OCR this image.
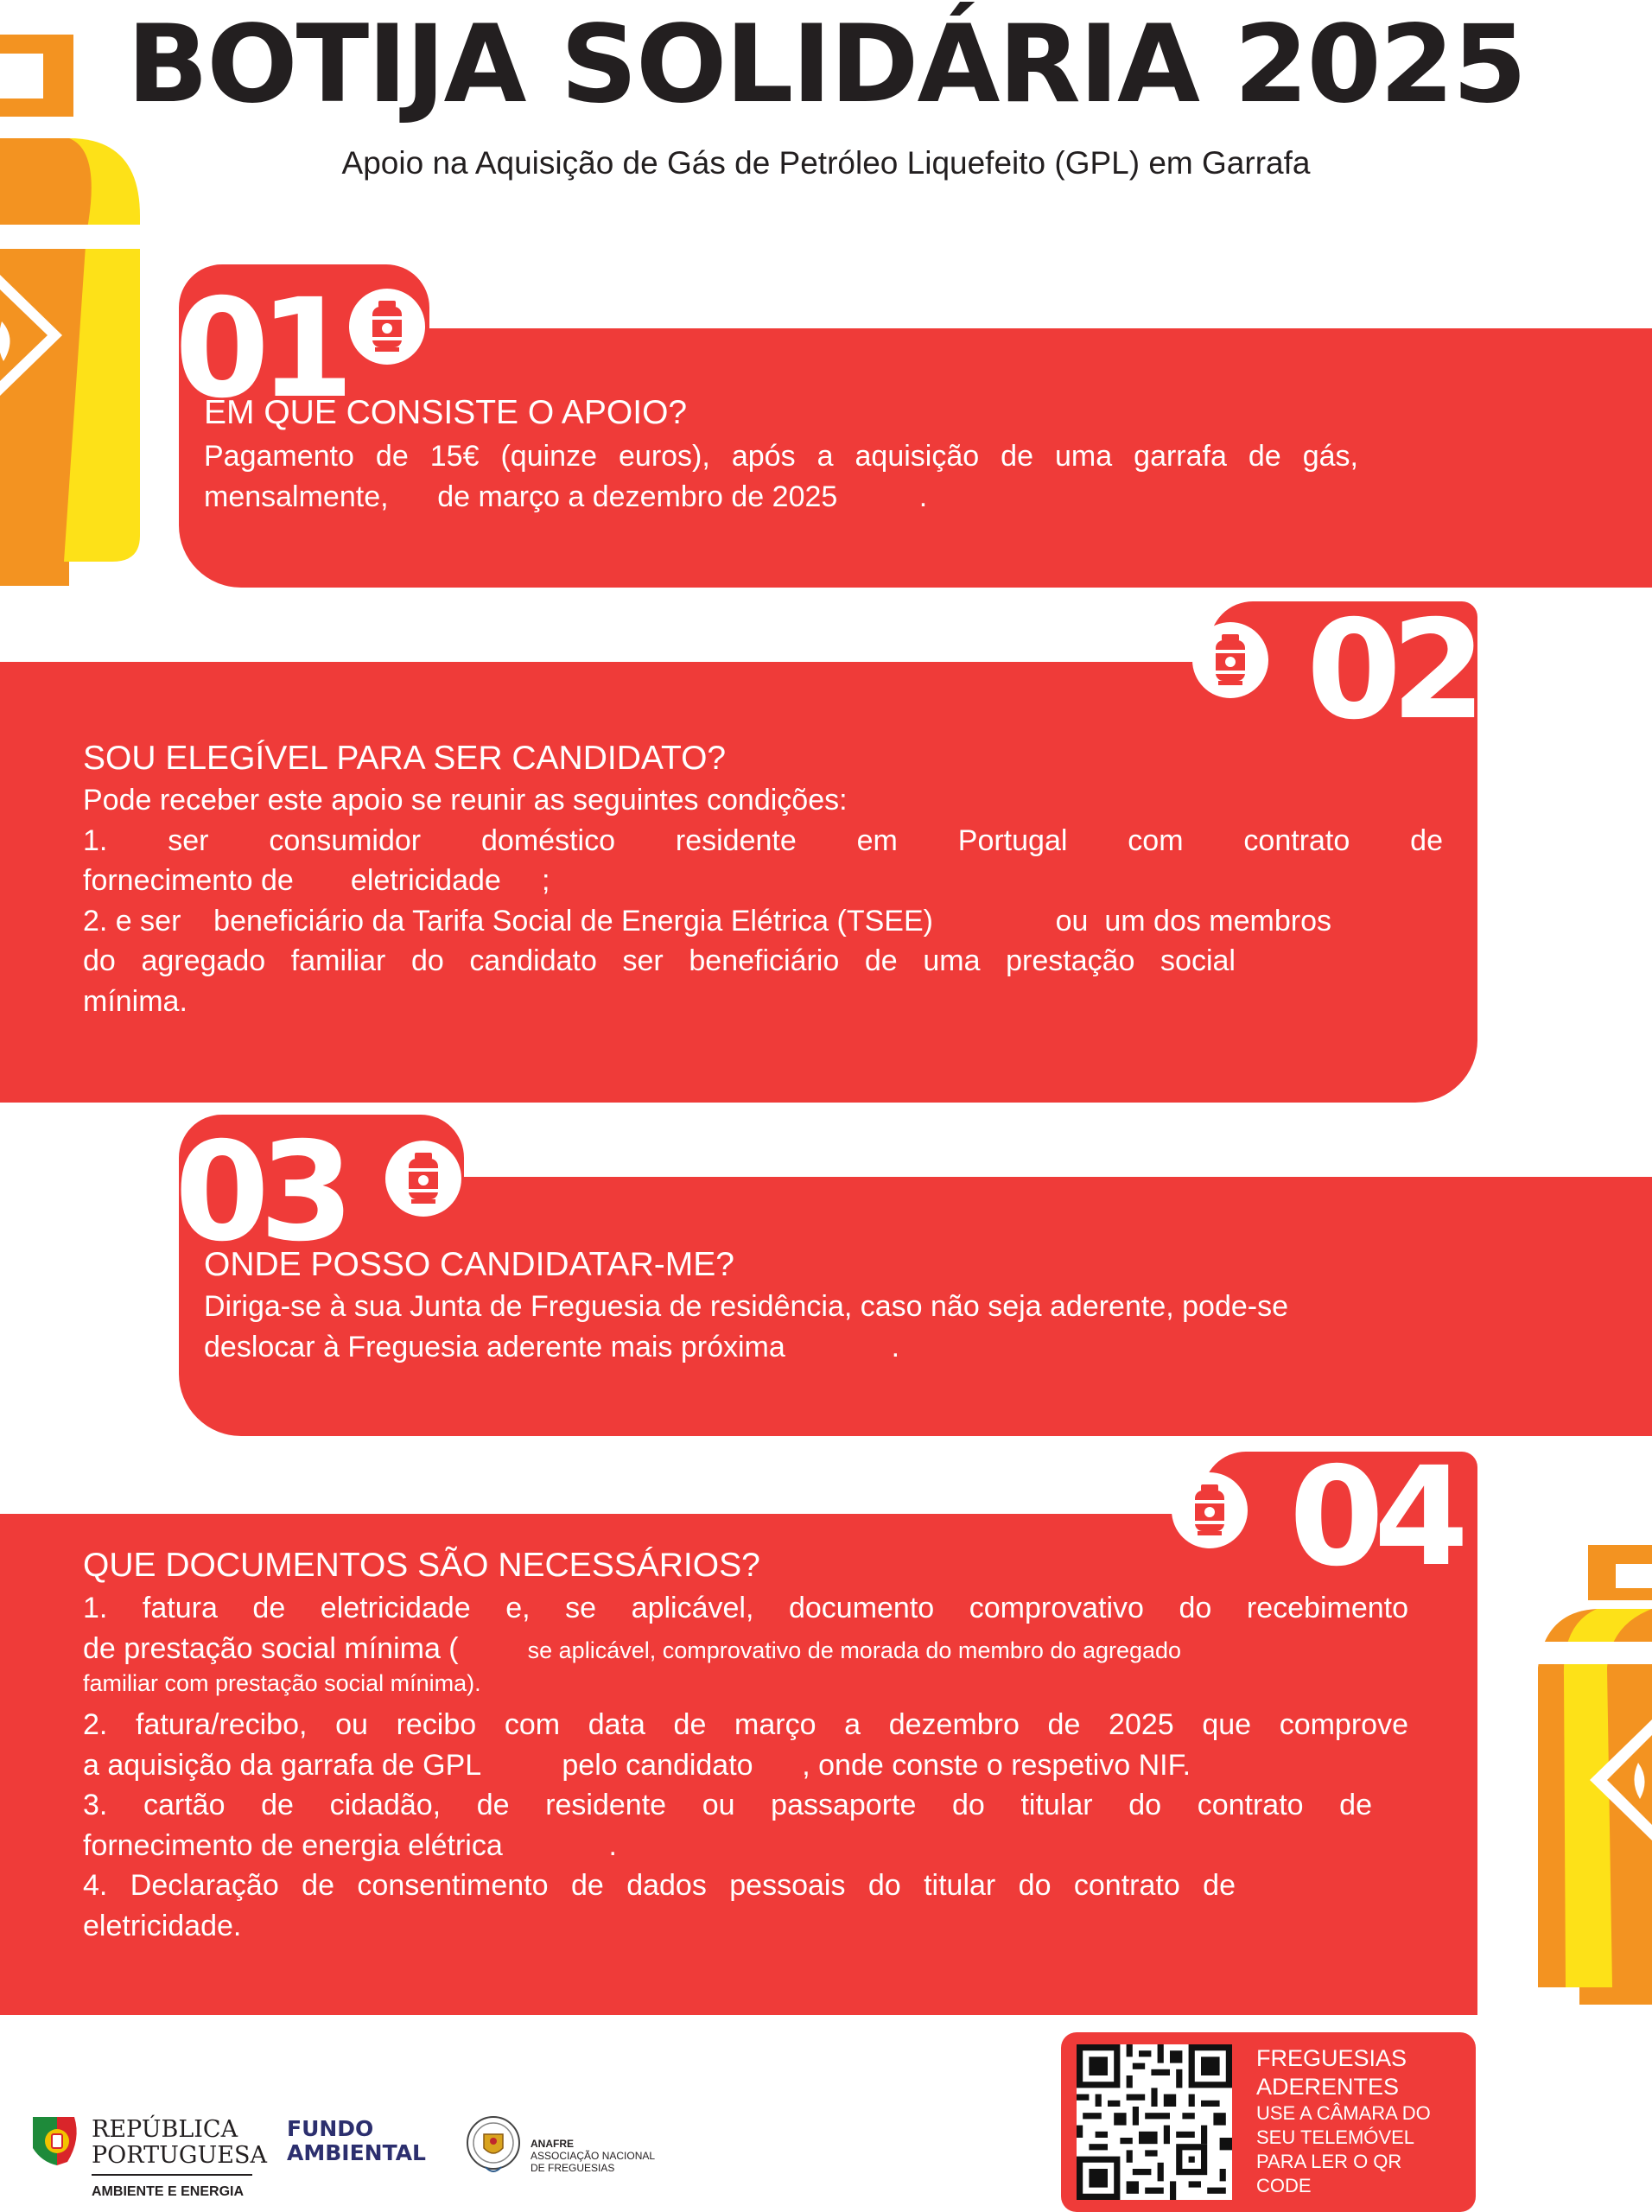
BOTIJA SOLIDÁRIA 2025
Apoio na Aquisição de Gás de Petróleo Liquefeito (GPL) em Garrafa
01
EM QUE CONSISTE O APOIO?

Pagamento de 15€ (quinze euros), após a aquisição de uma garrafa de gás,

mensalmente,      de março a dezembro de 2025          .

02
SOU ELEGÍVEL PARA SER CANDIDATO?

Pode receber este apoio se reunir as seguintes condições:

1. ser consumidor doméstico residente em Portugal com contrato de

fornecimento de       eletricidade     ;

2. e ser    beneficiário da Tarifa Social de Energia Elétrica (TSEE)               ou  um dos membros

do agregado familiar do candidato ser beneficiário de uma prestação social

mínima.

03
ONDE POSSO CANDIDATAR-ME?

Diriga-se à sua Junta de Freguesia de residência, caso não seja aderente, pode-se

deslocar à Freguesia aderente mais próxima             .

04
QUE DOCUMENTOS SÃO NECESSÁRIOS?

1. fatura de eletricidade e, se aplicável, documento comprovativo do recebimento

de prestação social mínima (	se aplicável, comprovativo de morada do membro do agregado

familiar com prestação social mínima).

2. fatura/recibo, ou recibo com data de março a dezembro de 2025 que comprove

a aquisição da garrafa de GPL          pelo candidato      , onde conste o respetivo NIF.

3. cartão de cidadão, de residente ou passaporte do titular do contrato de

fornecimento de energia elétrica             .

4. Declaração de consentimento de dados pessoais do titular do contrato de

eletricidade.

FREGUESIAS
ADERENTES
USE A CÂMARA DO
SEU TELEMÓVEL
PARA LER O QR
CODE
REPÚBLICA
PORTUGUESA
AMBIENTE E ENERGIA
FUNDO
AMBIENTAL	ANAFRE
ASSOCIAÇÃO NACIONAL
DE FREGUESIAS
